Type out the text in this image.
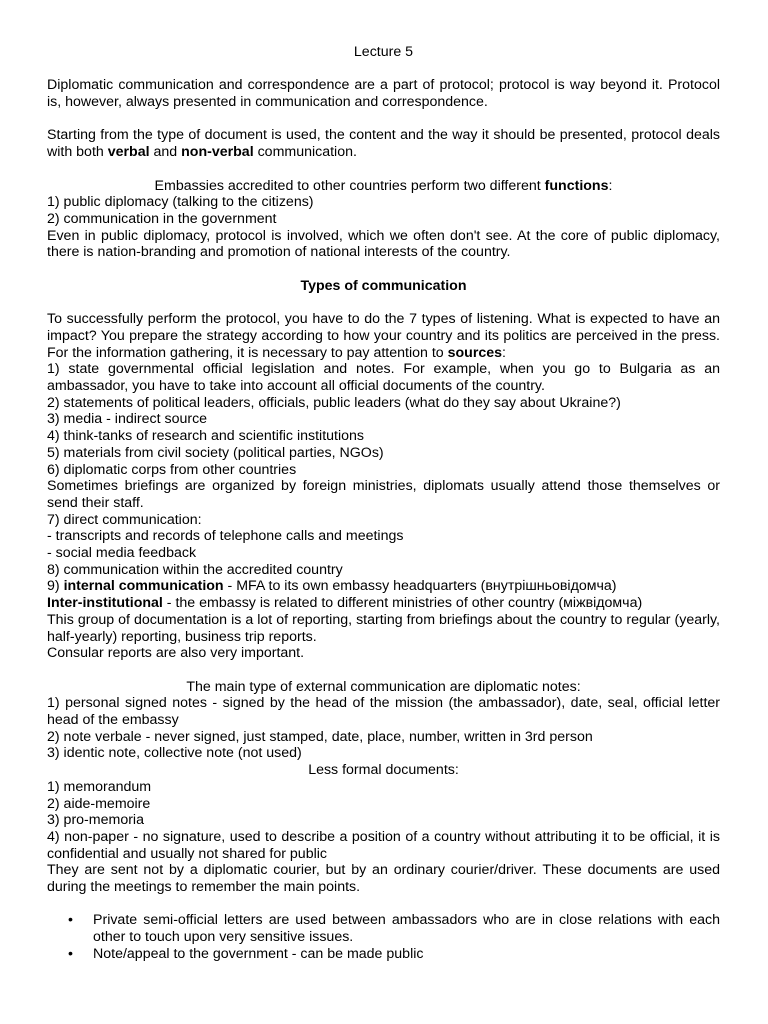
Lecture 5

Diplomatic communication and correspondence are a part of protocol; protocol is way beyond it. Protocol is, however, always presented in communication and correspondence.

Starting from the type of document is used, the content and the way it should be presented, protocol deals with both verbal and non-verbal communication.

Embassies accredited to other countries perform two different functions:

1) public diplomacy (talking to the citizens)

2) communication in the government

Even in public diplomacy, protocol is involved, which we often don't see. At the core of public diplomacy, there is nation-branding and promotion of national interests of the country.

Types of communication

To successfully perform the protocol, you have to do the 7 types of listening. What is expected to have an impact? You prepare the strategy according to how your country and its politics are perceived in the press. For the information gathering, it is necessary to pay attention to sources:

1) state governmental official legislation and notes. For example, when you go to Bulgaria as an ambassador, you have to take into account all official documents of the country.

2) statements of political leaders, officials, public leaders (what do they say about Ukraine?)

3) media - indirect source

4) think-tanks of research and scientific institutions

5) materials from civil society (political parties, NGOs)

6) diplomatic corps from other countries

Sometimes briefings are organized by foreign ministries, diplomats usually attend those themselves or send their staff.

7) direct communication:

- transcripts and records of telephone calls and meetings

- social media feedback

8) communication within the accredited country

9) internal communication - MFA to its own embassy headquarters (внутрішньовідомча)

Inter-institutional - the embassy is related to different ministries of other country (міжвідомча)

This group of documentation is a lot of reporting, starting from briefings about the country to regular (yearly, half-yearly) reporting, business trip reports.

Consular reports are also very important.

The main type of external communication are diplomatic notes:

1) personal signed notes - signed by the head of the mission (the ambassador), date, seal, official letter head of the embassy

2) note verbale - never signed, just stamped, date, place, number, written in 3rd person

3) identic note, collective note (not used)

Less formal documents:

1) memorandum

2) aide-memoire

3) pro-memoria

4) non-paper - no signature, used to describe a position of a country without attributing it to be official, it is confidential and usually not shared for public

They are sent not by a diplomatic courier, but by an ordinary courier/driver. These documents are used during the meetings to remember the main points.

• Private semi-official letters are used between ambassadors who are in close relations with each other to touch upon very sensitive issues.
• Note/appeal to the government - can be made public
